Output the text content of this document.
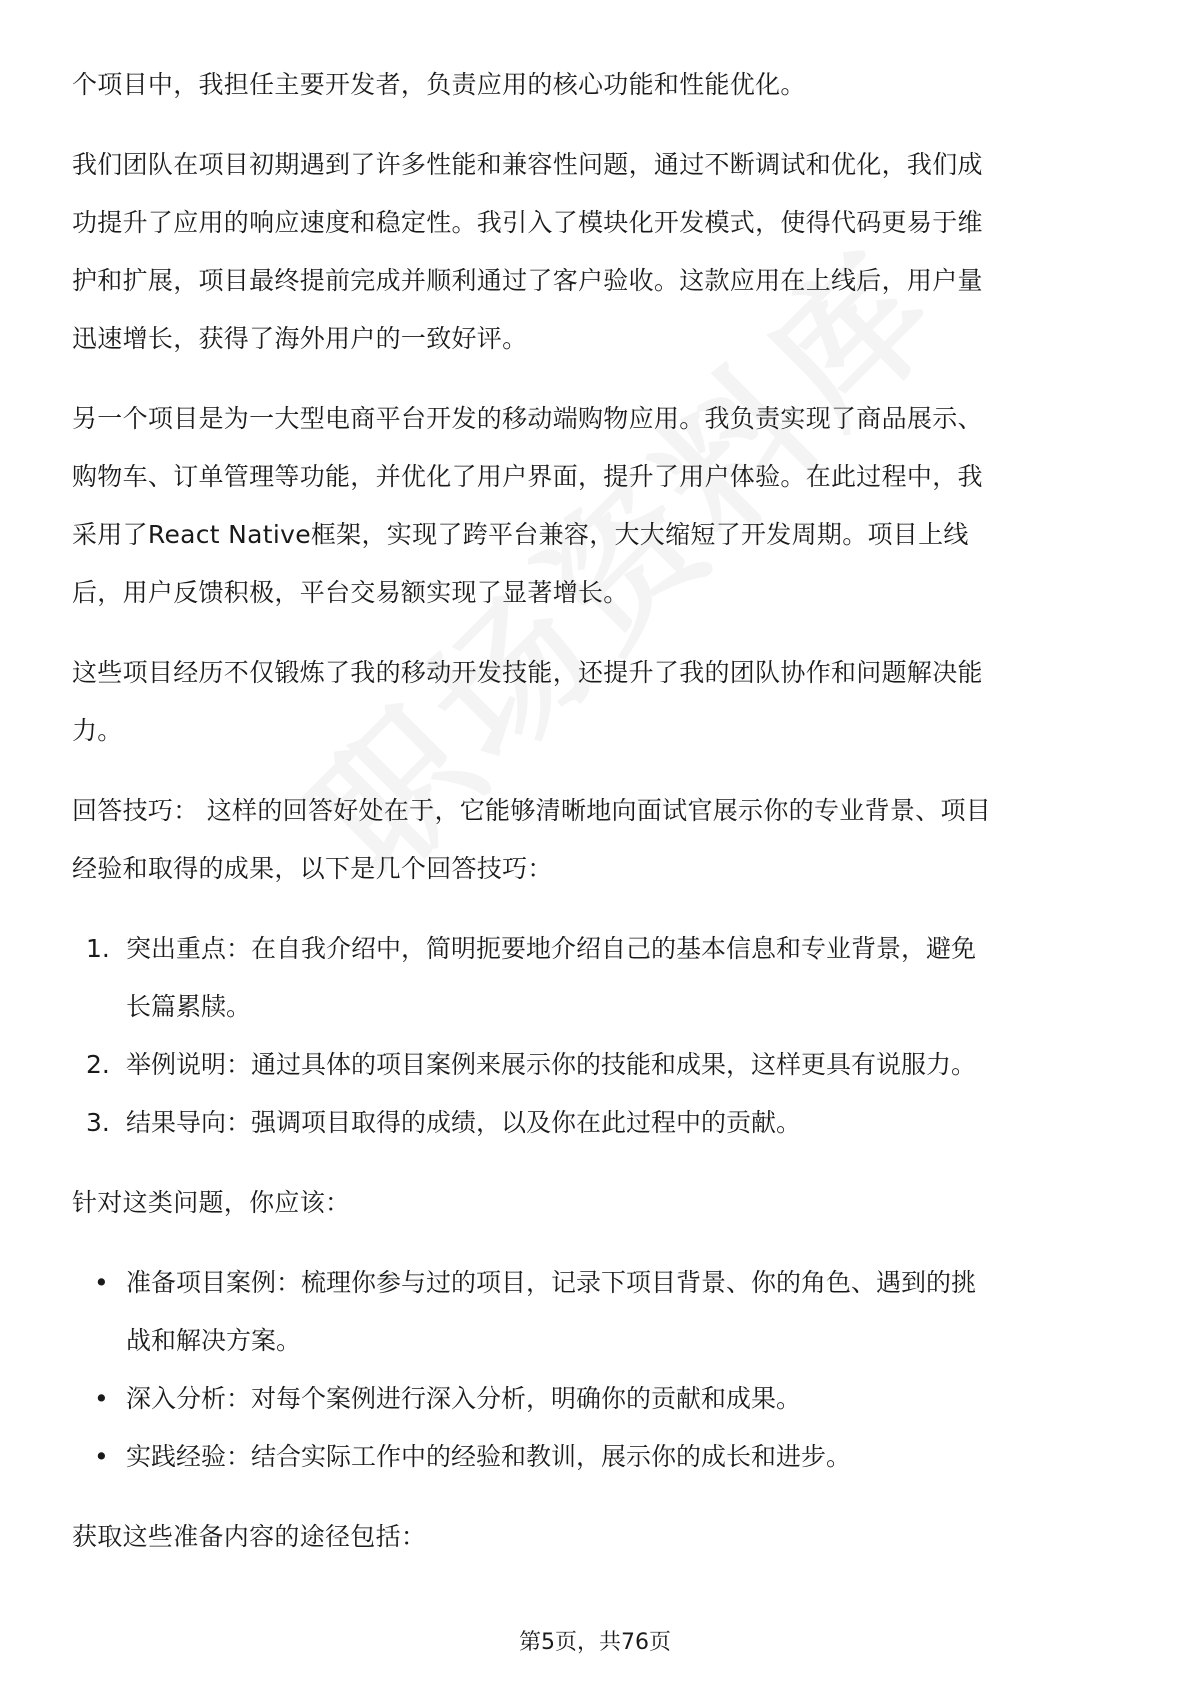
个项目中，我担任主要开发者，负责应用的核心功能和性能优化。

我们团队在项目初期遇到了许多性能和兼容性问题，通过不断调试和优化，我们成

功提升了应用的响应速度和稳定性。我引入了模块化开发模式，使得代码更易于维

护和扩展，项目最终提前完成并顺利通过了客户验收。这款应用在上线后，用户量

迅速增长，获得了海外用户的一致好评。

另一个项目是为一大型电商平台开发的移动端购物应用。我负责实现了商品展示、

购物车、订单管理等功能，并优化了用户界面，提升了用户体验。在此过程中，我

采用了React Native框架，实现了跨平台兼容，大大缩短了开发周期。项目上线

后，用户反馈积极，平台交易额实现了显著增长。

这些项目经历不仅锻炼了我的移动开发技能，还提升了我的团队协作和问题解决能

力。

回答技巧： 这样的回答好处在于，它能够清晰地向面试官展示你的专业背景、项目

经验和取得的成果，以下是几个回答技巧：

1. 突出重点：在自我介绍中，简明扼要地介绍自己的基本信息和专业背景，避免
长篇累牍。
2. 举例说明：通过具体的项目案例来展示你的技能和成果，这样更具有说服力。
3. 结果导向：强调项目取得的成绩，以及你在此过程中的贡献。

针对这类问题，你应该：

• 准备项目案例：梳理你参与过的项目，记录下项目背景、你的角色、遇到的挑
战和解决方案。
• 深入分析：对每个案例进行深入分析，明确你的贡献和成果。
• 实践经验：结合实际工作中的经验和教训，展示你的成长和进步。

获取这些准备内容的途径包括：

第5页，共76页
